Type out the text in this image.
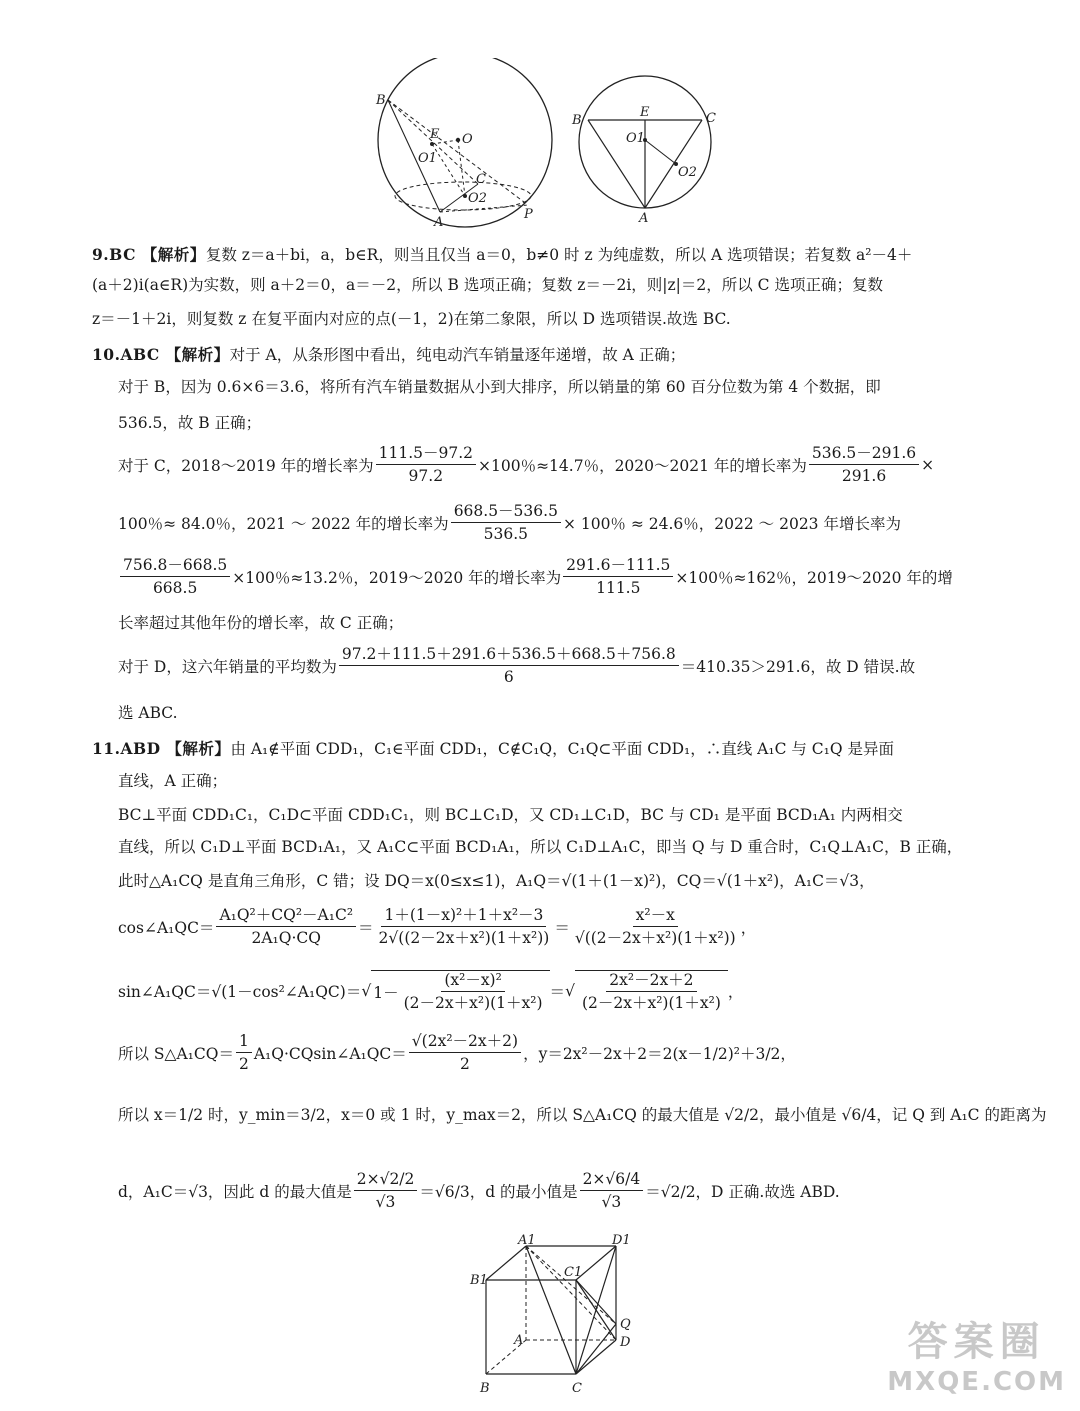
B
E O
O1
C
O2
A
P
B
E	C
O1
O2
A
9.BC 【解析】复数 z＝a＋bi，a，b∈R，则当且仅当 a＝0，b≠0 时 z 为纯虚数，所以 A 选项错误；若复数 a²－4＋
(a＋2)i(a∈R)为实数，则 a＋2＝0，a＝－2，所以 B 选项正确；复数 z＝－2i，则|z|＝2，所以 C 选项正确；复数
z＝－1＋2i，则复数 z 在复平面内对应的点(－1，2)在第二象限，所以 D 选项错误.故选 BC.
10.ABC 【解析】对于 A，从条形图中看出，纯电动汽车销量逐年递增，故 A 正确；
对于 B，因为 0.6×6＝3.6，将所有汽车销量数据从小到大排序，所以销量的第 60 百分位数为第 4 个数据，即
536.5，故 B 正确；
对于 C，2018～2019 年的增长率为 $\frac{111.5-97.2}{97.2} \times 100$％≈14.7％，2020～2021 年的增长率为 $\frac{536.5-291.6}{291.6}$ ×
100％≈ 84.0％，2021 ～ 2022 年的增长率为 $\frac{668.5-536.5}{536.5} \times 100$％ ≈ 24.6％，2022 ～ 2023 年增长率为
$\frac{756.8-668.5}{668.5} \times 100$％≈13.2％，2019～2020 年的增长率为 $\frac{291.6-111.5}{111.5} \times 100$％≈162％，2019～2020 年的增
长率超过其他年份的增长率，故 C 正确；
对于 D，这六年销量的平均数为 $\frac{97.2+111.5+291.6+536.5+668.5+756.8}{6} =410.35>291.6$，故 D 错误.故
选 ABC.
11.ABD 【解析】由 A₁∉平面 CDD₁，C₁∈平面 CDD₁，C∉C₁Q，C₁Q⊂平面 CDD₁，∴直线 A₁C 与 C₁Q 是异面
直线，A 正确；
BC⊥平面 CDD₁C₁，C₁D⊂平面 CDD₁C₁，则 BC⊥C₁D，又 CD₁⊥C₁D，BC 与 CD₁ 是平面 BCD₁A₁ 内两相交
直线，所以 C₁D⊥平面 BCD₁A₁，又 A₁C⊂平面 BCD₁A₁，所以 C₁D⊥A₁C，即当 Q 与 D 重合时，C₁Q⊥A₁C，B 正确，
此时△A₁CQ 是直角三角形，C 错；设 DQ＝x(0≤x≤1)，A₁Q＝√(1＋(1－x)²)，CQ＝√(1＋x²)，A₁C＝√3，
cos∠A₁QC＝ $\frac{\text{A₁Q²＋CQ²－A₁C²}}{\text{2A₁Q·CQ}} = \frac{\text{1＋(1－x)²＋1＋x²－3}}{\text{2√((2－2x＋x²)(1＋x²))}} = \frac{\text{x²－x}}{\text{√((2－2x＋x²)(1＋x²))}}$ ，
sin∠A₁QC＝√(1－cos²∠A₁QC)＝ √ $1- \frac{\text{(x²－x)²}}{\text{(2－2x＋x²)(1＋x²)}}$ ＝ √ $\frac{\text{2x²－2x＋2}}{\text{(2－2x＋x²)(1＋x²)}}$ ，
所以 S△A₁CQ＝ $\frac{1}{2}$ A₁Q·CQsin∠A₁QC＝ $\frac{\text{√(2x²－2x＋2)}}{2}$ ，y＝2x²－2x＋2＝2(x－1/2)²＋3/2，
所以 x＝1/2 时，y_min＝3/2，x＝0 或 1 时，y_max＝2，所以 S△A₁CQ 的最大值是 √2/2，最小值是 √6/4，记 Q 到 A₁C 的距离为
d，A₁C＝√3，因此 d 的最大值是 $\frac{2\times√2/2}{√3} =√6/3$，d 的最小值是 $\frac{2\times√6/4}{√3} =√2/2$，D 正确.故选 ABD.
A1	D1
B1
C1
Q
A	D
B	C
答案圈
MXQE.COM
